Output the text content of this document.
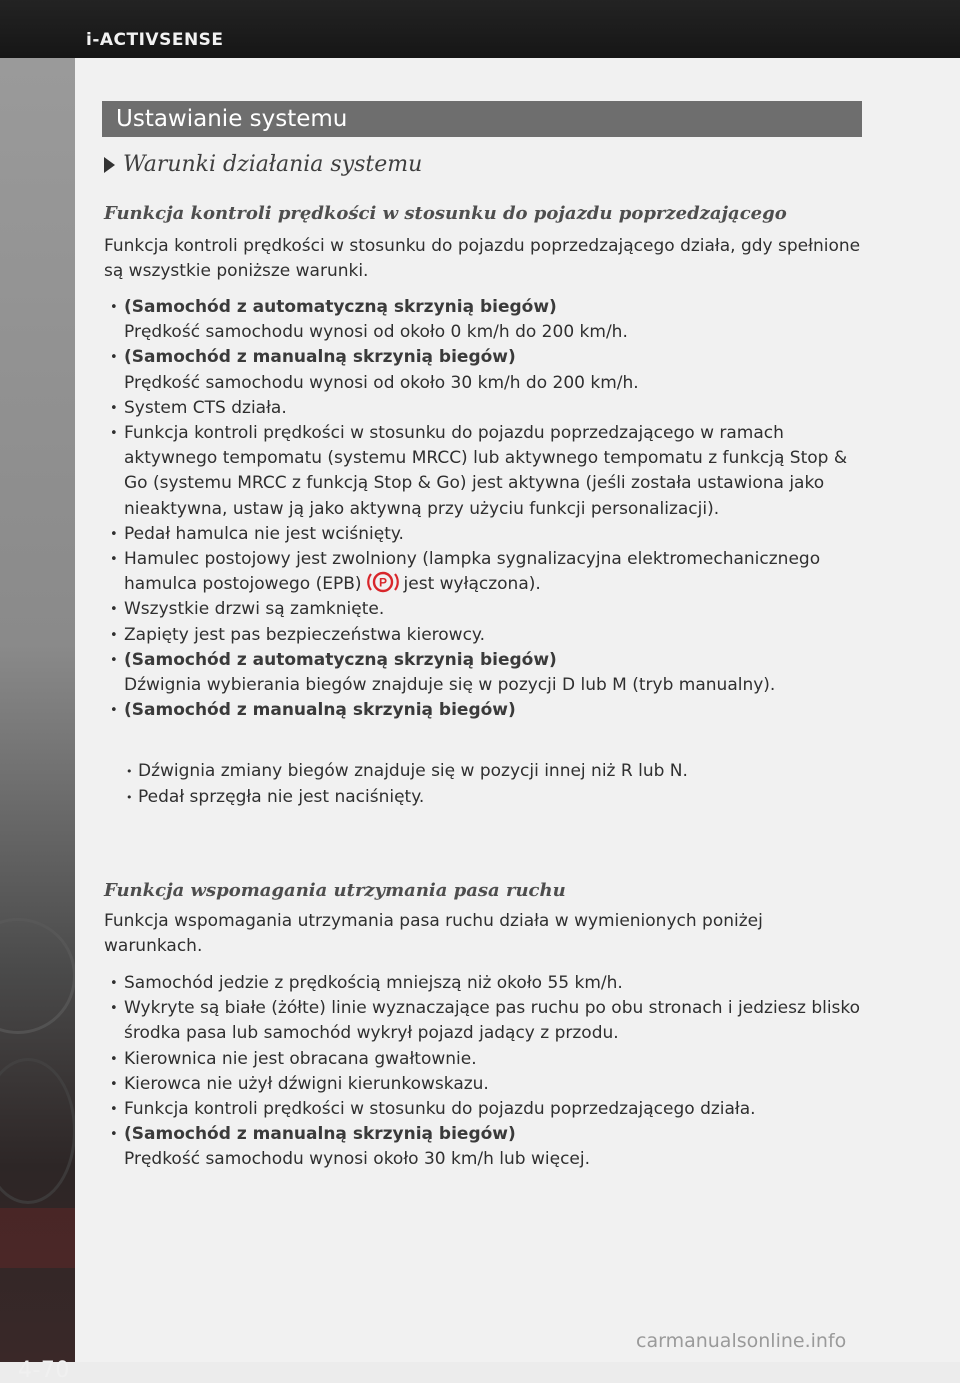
i-ACTIVSENSE
4-70
Ustawianie systemu
Warunki działania systemu
Funkcja kontroli prędkości w stosunku do pojazdu poprzedzającego
Funkcja kontroli prędkości w stosunku do pojazdu poprzedzającego działa, gdy spełnione są wszystkie poniższe warunki.
• (Samochód z automatyczną skrzynią biegów)
Prędkość samochodu wynosi od około 0 km/h do 200 km/h.
• (Samochód z manualną skrzynią biegów)
Prędkość samochodu wynosi od około 30 km/h do 200 km/h.
• System CTS działa.
• Funkcja kontroli prędkości w stosunku do pojazdu poprzedzającego w ramach aktywnego tempomatu (systemu MRCC) lub aktywnego tempomatu z funkcją Stop & Go (systemu MRCC z funkcją Stop & Go) jest aktywna (jeśli została ustawiona jako nieaktywna, ustaw ją jako aktywną przy użyciu funkcji personalizacji).
• Pedał hamulca nie jest wciśnięty.
• Hamulec postojowy jest zwolniony (lampka sygnalizacyjna elektromechanicznego hamulca postojowego (EPB) P jest wyłączona).
• Wszystkie drzwi są zamknięte.
• Zapięty jest pas bezpieczeństwa kierowcy.
• (Samochód z automatyczną skrzynią biegów)
Dźwignia wybierania biegów znajduje się w pozycji D lub M (tryb manualny).
• (Samochód z manualną skrzynią biegów)
• Dźwignia zmiany biegów znajduje się w pozycji innej niż R lub N.
• Pedał sprzęgła nie jest naciśnięty.
Funkcja wspomagania utrzymania pasa ruchu
Funkcja wspomagania utrzymania pasa ruchu działa w wymienionych poniżej warunkach.
• Samochód jedzie z prędkością mniejszą niż około 55 km/h.
• Wykryte są białe (żółte) linie wyznaczające pas ruchu po obu stronach i jedziesz blisko środka pasa lub samochód wykrył pojazd jadący z przodu.
• Kierownica nie jest obracana gwałtownie.
• Kierowca nie użył dźwigni kierunkowskazu.
• Funkcja kontroli prędkości w stosunku do pojazdu poprzedzającego działa.
• (Samochód z manualną skrzynią biegów)
Prędkość samochodu wynosi około 30 km/h lub więcej.
carmanualsonline.info
